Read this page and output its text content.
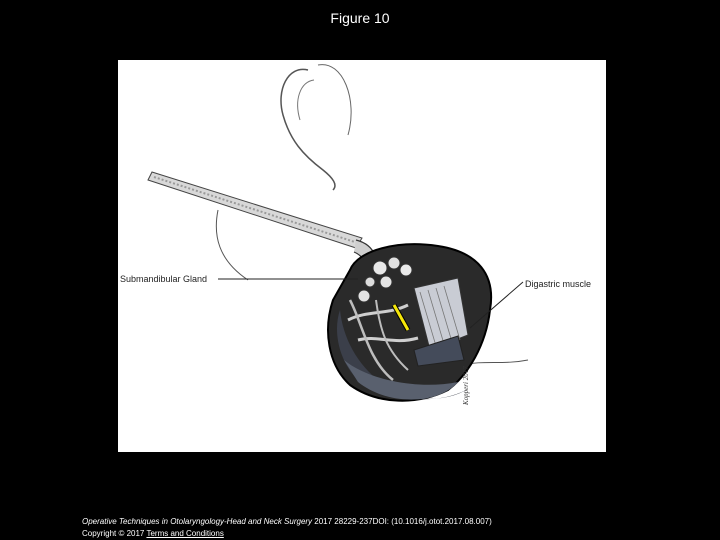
Figure 10
Submandibular Gland	Digastric muscle
Kopperi 2017
Operative Techniques in Otolaryngology-Head and Neck Surgery 2017 28229-237DOI: (10.1016/j.otot.2017.08.007)
Copyright © 2017 Terms and Conditions
